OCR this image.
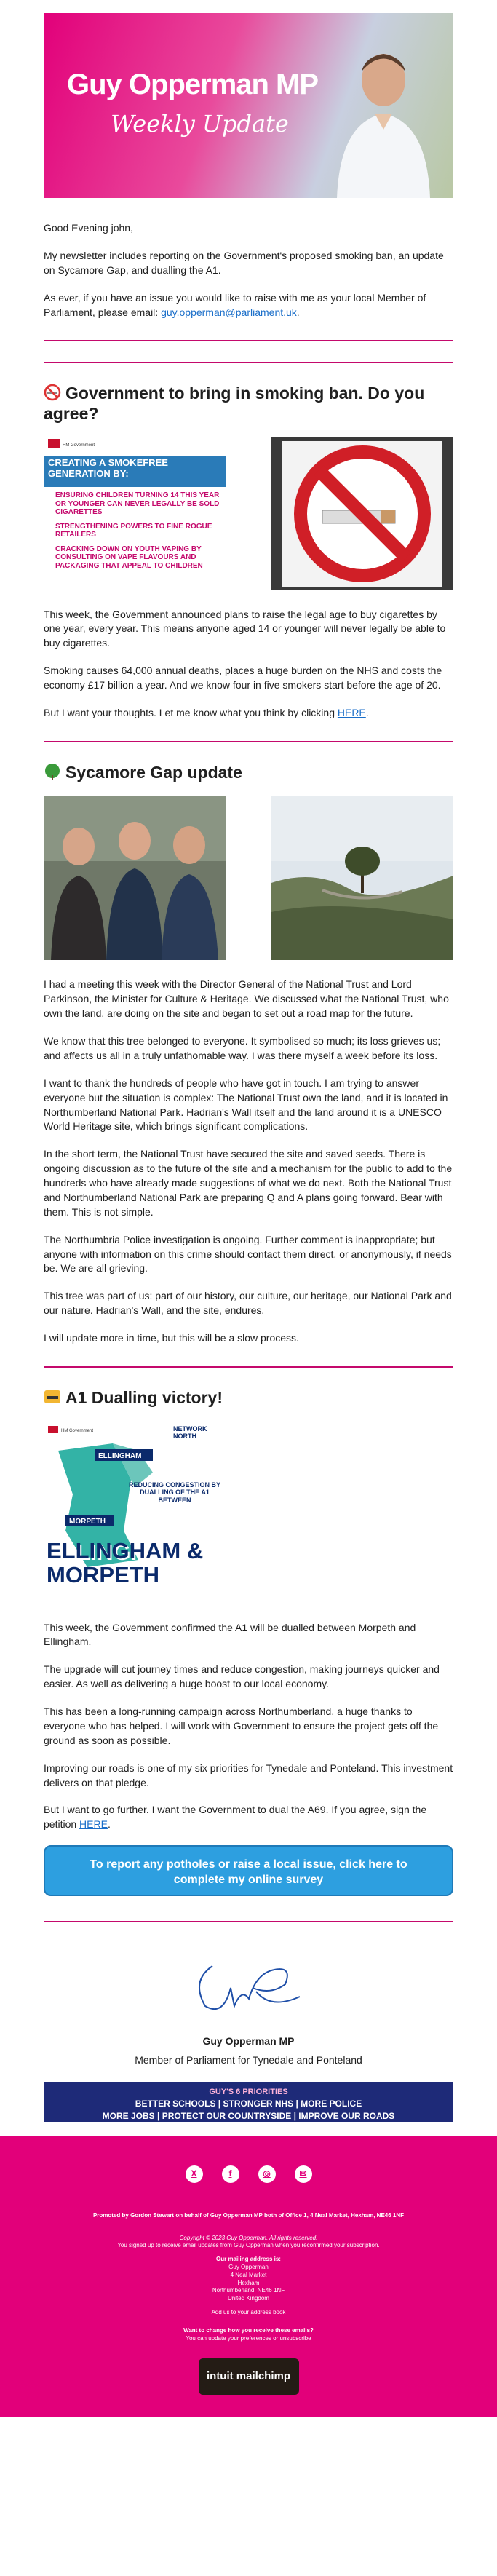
Guy Opperman MP
Weekly Update

Good Evening john,

My newsletter includes reporting on the Government's proposed smoking ban, an update on Sycamore Gap, and dualling the A1.

As ever, if you have an issue you would like to raise with me as your local Member of Parliament, please email: guy.opperman@parliament.uk.

Government to bring in smoking ban. Do you agree?
HM Government
CREATING A SMOKEFREE GENERATION BY:
ENSURING CHILDREN TURNING 14 THIS YEAR OR YOUNGER CAN NEVER LEGALLY BE SOLD CIGARETTES
STRENGTHENING POWERS TO FINE ROGUE RETAILERS
CRACKING DOWN ON YOUTH VAPING BY CONSULTING ON VAPE FLAVOURS AND PACKAGING THAT APPEAL TO CHILDREN

This week, the Government announced plans to raise the legal age to buy cigarettes by one year, every year. This means anyone aged 14 or younger will never legally be able to buy cigarettes.

Smoking causes 64,000 annual deaths, places a huge burden on the NHS and costs the economy £17 billion a year. And we know four in five smokers start before the age of 20.

But I want your thoughts. Let me know what you think by clicking HERE.

Sycamore Gap update

I had a meeting this week with the Director General of the National Trust and Lord Parkinson, the Minister for Culture & Heritage. We discussed what the National Trust, who own the land, are doing on the site and began to set out a road map for the future.

We know that this tree belonged to everyone. It symbolised so much; its loss grieves us; and affects us all in a truly unfathomable way. I was there myself a week before its loss.

I want to thank the hundreds of people who have got in touch. I am trying to answer everyone but the situation is complex: The National Trust own the land, and it is located in Northumberland National Park. Hadrian's Wall itself and the land around it is a UNESCO World Heritage site, which brings significant complications.

In the short term, the National Trust have secured the site and saved seeds. There is ongoing discussion as to the future of the site and a mechanism for the public to add to the hundreds who have already made suggestions of what we do next. Both the National Trust and Northumberland National Park are preparing Q and A plans going forward. Bear with them. This is not simple.

The Northumbria Police investigation is ongoing. Further comment is inappropriate; but anyone with information on this crime should contact them direct, or anonymously, if needs be. We are all grieving.

This tree was part of us: part of our history, our culture, our heritage, our National Park and our nature. Hadrian's Wall, and the site, endures.

I will update more in time, but this will be a slow process.

A1 Dualling victory!
HM Government	NETWORK NORTH
ELLINGHAM
MORPETH
REDUCING CONGESTION BY DUALLING OF THE A1 BETWEEN
ELLINGHAM & MORPETH

This week, the Government confirmed the A1 will be dualled between Morpeth and Ellingham.

The upgrade will cut journey times and reduce congestion, making journeys quicker and easier. As well as delivering a huge boost to our local economy.

This has been a long-running campaign across Northumberland, a huge thanks to everyone who has helped. I will work with Government to ensure the project gets off the ground as soon as possible.

Improving our roads is one of my six priorities for Tynedale and Ponteland. This investment delivers on that pledge.

But I want to go further. I want the Government to dual the A69. If you agree, sign the petition HERE.

To report any potholes or raise a local issue, click here to complete my online survey

Guy Opperman MP

Member of Parliament for Tynedale and Ponteland

GUY'S 6 PRIORITIES
BETTER SCHOOLS | STRONGER NHS | MORE POLICE
MORE JOBS | PROTECT OUR COUNTRYSIDE | IMPROVE OUR ROADS
X	f	◎	✉

Promoted by Gordon Stewart on behalf of Guy Opperman MP both of Office 1, 4 Neal Market, Hexham, NE46 1NF

Copyright © 2023 Guy Opperman, All rights reserved.

You signed up to receive email updates from Guy Opperman when you reconfirmed your subscription.

Our mailing address is:

Guy Opperman

4 Neal Market

Hexham

Northumberland, NE46 1NF

United Kingdom

Add us to your address book

Want to change how you receive these emails?

You can update your preferences or unsubscribe

intuit mailchimp
